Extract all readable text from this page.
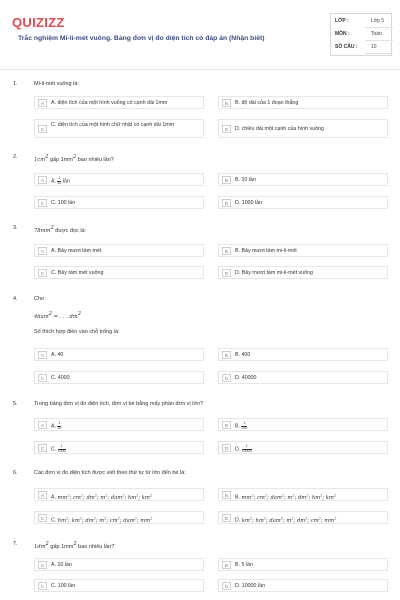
QUIZIZZ
Trắc nghiệm Mi-li-mét vuông. Bảng đơn vị đo diện tích có đáp án (Nhận biết)
LỚP :	Lớp 5
MÔN :	Toán
SỐ CÂU :	10
1.	Mi-li-mét vuông là:
A	A. diện tích của một hình vuông có cạnh dài 1mm	B	B. độ dài của 1 đoạn thẳng
C
C. diện tích của một hình chữ nhật có cạnh dài 1mm
D	D. chiều dài một cạnh của hình vuông
2.	$1cm^2$ gấp $1mm^2$ bao nhiêu lần?
A	A. $\frac{1}{10}$ lần	B	B. 10 lần
C	C. 100 lần	D	D. 1000 lần
3.	$78mm^2$ được đọc là:
A	A. Bảy mươi tám mét	B	B. Bảy mươi tám mi-li-mét
C	C. Bảy tám mét vuông	D	D. Bảy mươi tám mi-li-mét vuông
4.	Cho
4dam$^2$ = . . . $dm^2$
Số thích hợp điền vào chỗ trống là:
A	A. 40	B	B. 400
C	C. 4000	D	D. 40000
5.	Trong bảng đơn vị đo diện tích, đơn vị bé bằng mấy phần đơn vị lớn?
A	A. $\frac{1}{10}$	B	B. $\frac{1}{100}$
C	C. $\frac{1}{1000}$	D	D. $\frac{1}{10000}$
6.	Các đơn vị đo diện tích được viết theo thứ tự từ lớn đến bé là:
A	A. $mm^2$; $cm^2$; $dm^2$; $m^2$; dam$^2$; $hm^2$; $km^2$	B	B. $mm^2$; $cm^2$; dam$^2$; $m^2$; $dm^2$; $hm^2$; $km^2$
C	C. $hm^2$; $km^2$; $dm^2$; $m^2$; $cm^2$; dam$^2$; $mm^2$	D	D. $km^2$; $hm^2$; dam$^2$; $m^2$; $dm^2$; $cm^2$; $mm^2$
7.	$1dm^2$ gấp $1mm^2$ bao nhiêu lần?
A	A. 10 lần	B	B. 5 lần
C	C. 100 lần	D	D. 10000 lần
